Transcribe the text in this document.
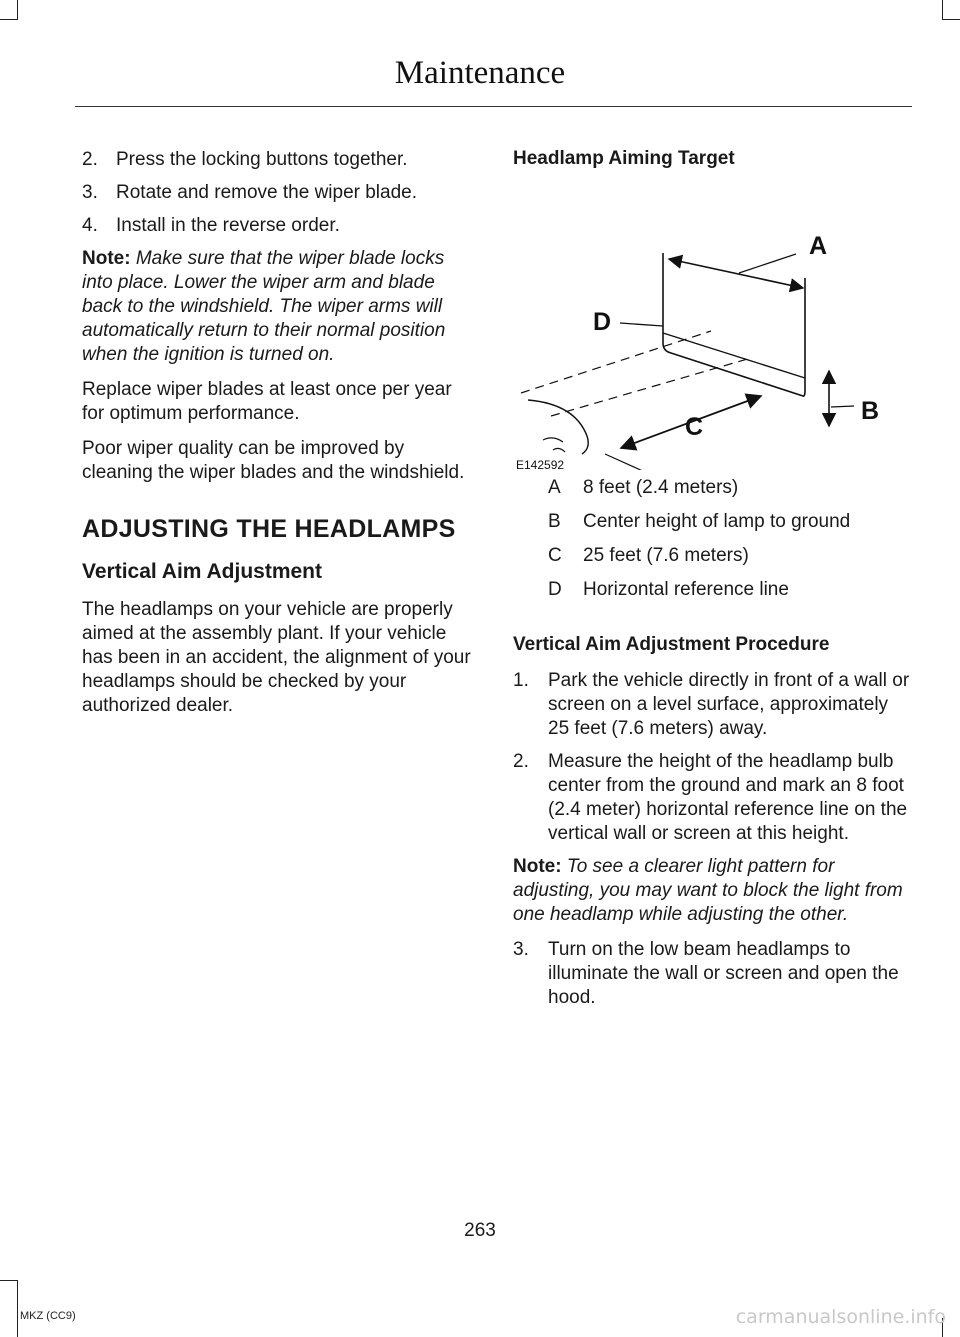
Maintenance
2. Press the locking buttons together.
3. Rotate and remove the wiper blade.
4. Install in the reverse order.

Note: Make sure that the wiper blade locks into place. Lower the wiper arm and blade back to the windshield. The wiper arms will automatically return to their normal position when the ignition is turned on.

Replace wiper blades at least once per year for optimum performance.

Poor wiper quality can be improved by cleaning the wiper blades and the windshield.

ADJUSTING THE HEADLAMPS
Vertical Aim Adjustment

The headlamps on your vehicle are properly aimed at the assembly plant. If your vehicle has been in an accident, the alignment of your headlamps should be checked by your authorized dealer.

Headlamp Aiming Target
A
D
B
C
E142592
A	8 feet (2.4 meters)
B	Center height of lamp to ground
C	25 feet (7.6 meters)
D	Horizontal reference line
Vertical Aim Adjustment Procedure
1.	Park the vehicle directly in front of a wall or screen on a level surface, approximately 25 feet (7.6 meters) away.
2.	Measure the height of the headlamp bulb center from the ground and mark an 8 foot (2.4 meter) horizontal reference line on the vertical wall or screen at this height.

Note: To see a clearer light pattern for adjusting, you may want to block the light from one headlamp while adjusting the other.

3.	Turn on the low beam headlamps to illuminate the wall or screen and open the hood.
263
MKZ (CC9)	carmanualsonline.info
